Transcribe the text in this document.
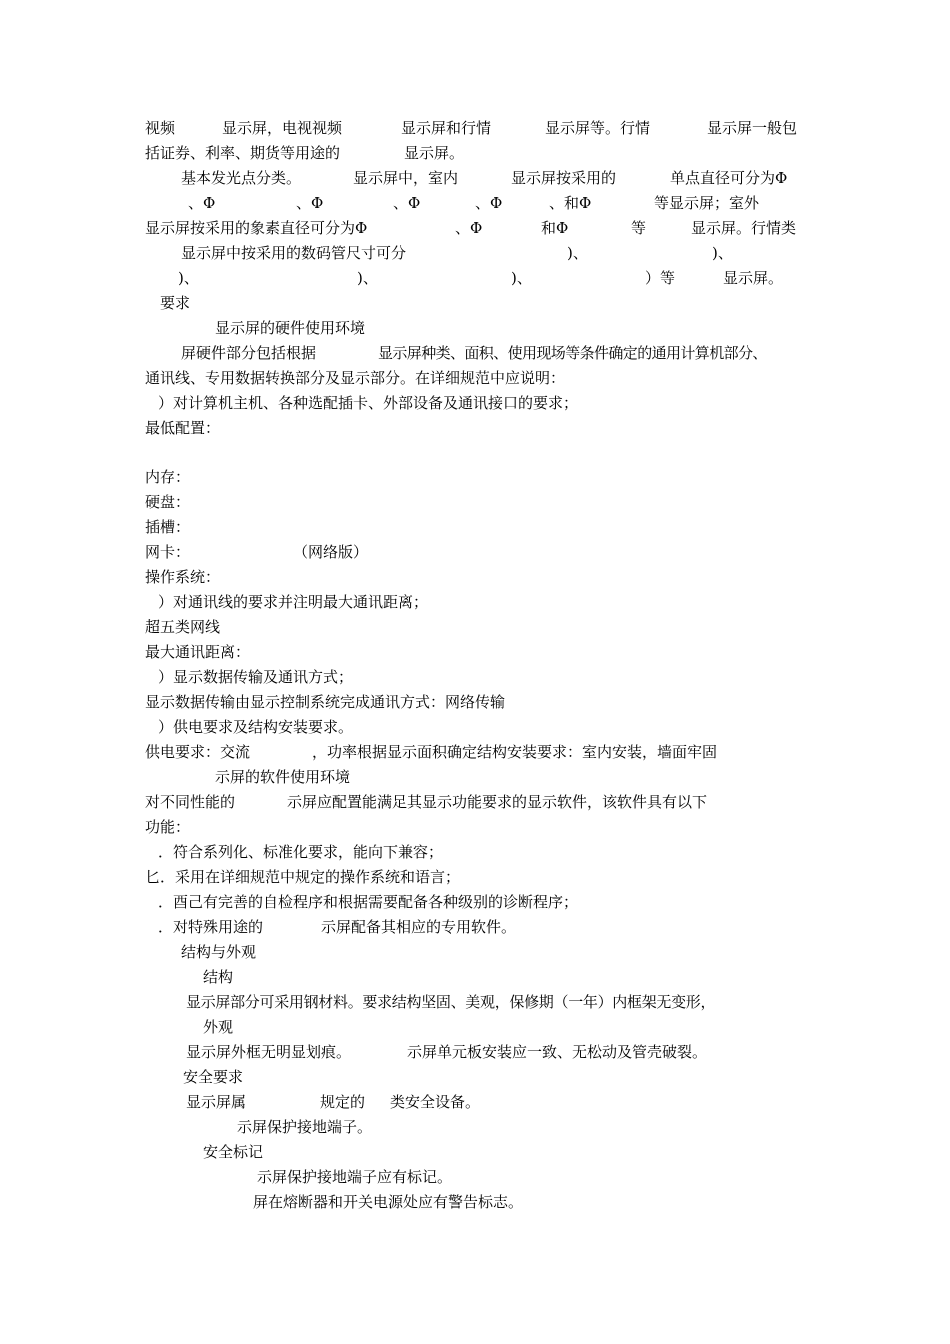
视频	显示屏，电视视频	显示屏和行情	显示屏等。行情	显示屏一般包
括证券、利率、期货等用途的	显示屏。
基本发光点分类。	显示屏中，室内	显示屏按采用的	单点直径可分为Φ
、Φ	、Φ	、Φ	、Φ	、和Φ	等显示屏；室外
显示屏按采用的象素直径可分为Φ	、Φ	和Φ	等	显示屏。行情类
显示屏中按采用的数码管尺寸可分	)、	)、
)、	)、	)、	）等	显示屏。
要求
显示屏的硬件使用环境
屏硬件部分包括根据	显示屏种类、面积、使用现场等条件确定的通用计算机部分、
通讯线、专用数据转换部分及显示部分。在详细规范中应说明：
）对计算机主机、各种选配插卡、外部设备及通讯接口的要求；
最低配置：
内存：
硬盘：
插槽：
网卡：	（网络版）
操作系统：
）对通讯线的要求并注明最大通讯距离；
超五类网线
最大通讯距离：
）显示数据传输及通讯方式；
显示数据传输由显示控制系统完成通讯方式：网络传输
）供电要求及结构安装要求。
供电要求：交流	，功率根据显示面积确定结构安装要求：室内安装，墙面牢固
示屏的软件使用环境
对不同性能的	示屏应配置能满足其显示功能要求的显示软件，该软件具有以下
功能：
．符合系列化、标准化要求，能向下兼容；
匕．采用在详细规范中规定的操作系统和语言；
．酉己有完善的自检程序和根据需要配备各种级别的诊断程序；
．对特殊用途的	示屏配备其相应的专用软件。
结构与外观
结构
显示屏部分可采用钢材料。要求结构坚固、美观，保修期（一年）内框架无变形，
外观
显示屏外框无明显划痕。	示屏单元板安装应一致、无松动及管壳破裂。
安全要求
显示屏属	规定的 类安全设备。
示屏保护接地端子。
安全标记
示屏保护接地端子应有标记。
屏在熔断器和开关电源处应有警告标志。
